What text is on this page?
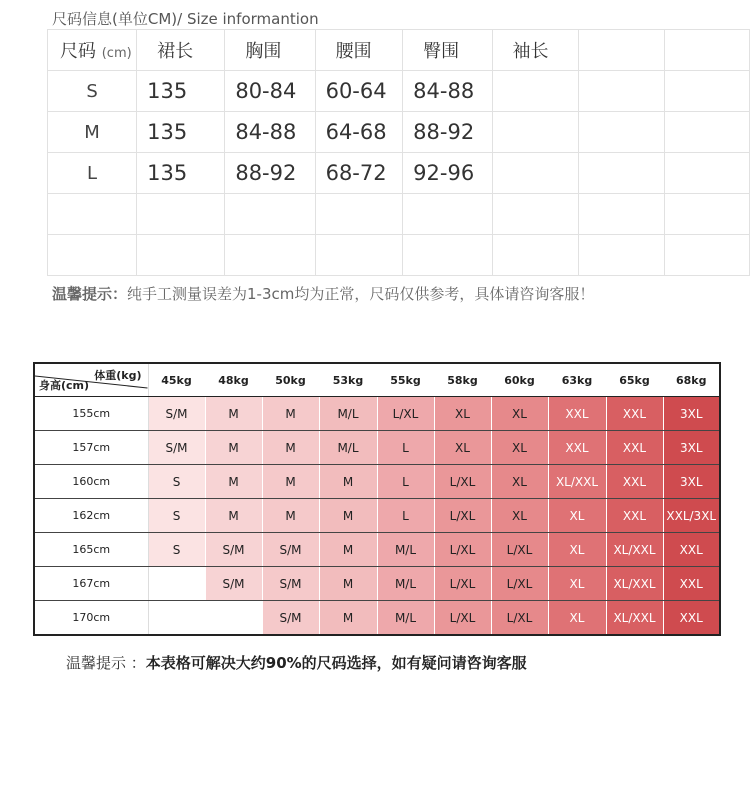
尺码信息(单位CM)/ Size informantion
尺码 (cm)	裙长	胸围	腰围	臀围	袖长		
S	135	80-84	60-64	84-88			
M	135	84-88	64-68	88-92			
L	135	88-92	68-72	92-96			

温馨提示：纯手工测量误差为1-3cm均为正常，尺码仅供参考，具体请咨询客服！
体重(kg)
身高(cm)	45kg	48kg	50kg	53kg	55kg	58kg	60kg	63kg	65kg	68kg
155cm	S/M	M	M	M/L	L/XL	XL	XL	XXL	XXL	3XL
157cm	S/M	M	M	M/L	L	XL	XL	XXL	XXL	3XL
160cm	S	M	M	M	L	L/XL	XL	XL/XXL	XXL	3XL
162cm	S	M	M	M	L	L/XL	XL	XL	XXL	XXL/3XL
165cm	S	S/M	S/M	M	M/L	L/XL	L/XL	XL	XL/XXL	XXL
167cm		S/M	S/M	M	M/L	L/XL	L/XL	XL	XL/XXL	XXL
170cm			S/M	M	M/L	L/XL	L/XL	XL	XL/XXL	XXL
温馨提示 ：本表格可解决大约90%的尺码选择，如有疑问请咨询客服
